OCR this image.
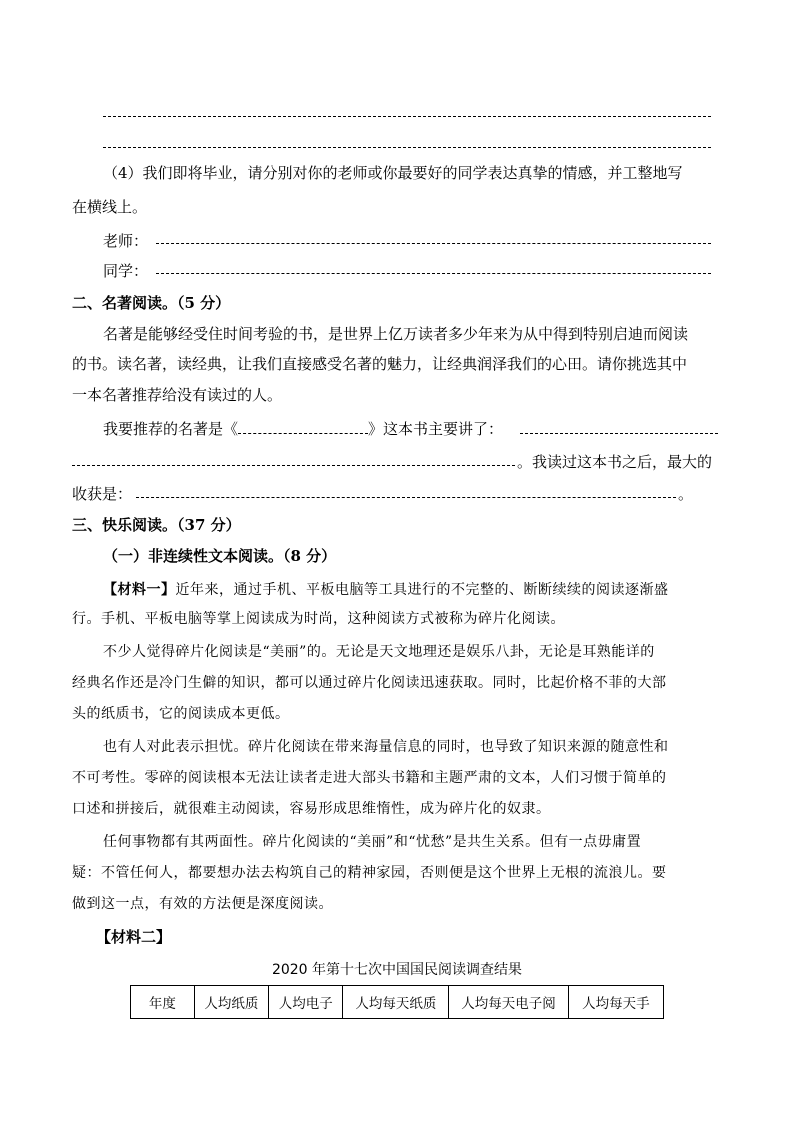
（4）我们即将毕业，请分别对你的老师或你最要好的同学表达真挚的情感，并工整地写
在横线上。
老师：
同学：
二、名著阅读。（5 分）
名著是能够经受住时间考验的书，是世界上亿万读者多少年来为从中得到特别启迪而阅读
的书。读名著，读经典，让我们直接感受名著的魅力，让经典润泽我们的心田。请你挑选其中
一本名著推荐给没有读过的人。
我要推荐的名著是《	》这本书主要讲了：
。我读过这本书之后，最大的
收获是：	。
三、快乐阅读。（37 分）
（一）非连续性文本阅读。（8 分）
【材料一】近年来，通过手机、平板电脑等工具进行的不完整的、断断续续的阅读逐渐盛
行。手机、平板电脑等掌上阅读成为时尚，这种阅读方式被称为碎片化阅读。
不少人觉得碎片化阅读是“美丽”的。无论是天文地理还是娱乐八卦，无论是耳熟能详的
经典名作还是冷门生僻的知识，都可以通过碎片化阅读迅速获取。同时，比起价格不菲的大部
头的纸质书，它的阅读成本更低。
也有人对此表示担忧。碎片化阅读在带来海量信息的同时，也导致了知识来源的随意性和
不可考性。零碎的阅读根本无法让读者走进大部头书籍和主题严肃的文本，人们习惯于简单的
口述和拼接后，就很难主动阅读，容易形成思维惰性，成为碎片化的奴隶。
任何事物都有其两面性。碎片化阅读的“美丽”和“忧愁”是共生关系。但有一点毋庸置
疑：不管任何人，都要想办法去构筑自己的精神家园，否则便是这个世界上无根的流浪儿。要
做到这一点，有效的方法便是深度阅读。
【材料二】
2020 年第十七次中国国民阅读调查结果
年度	人均纸质	人均电子	人均每天纸质	人均每天电子阅	人均每天手
